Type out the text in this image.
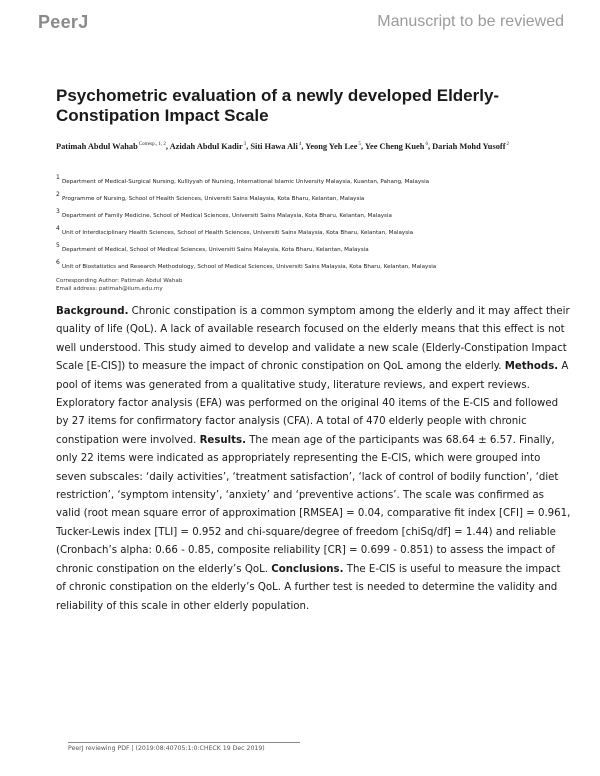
PeerJ	Manuscript to be reviewed
Psychometric evaluation of a newly developed Elderly-Constipation Impact Scale
Patimah Abdul Wahab$^{Corresp., 1, 2}$, Azidah Abdul Kadir$^3$, Siti Hawa Ali$^4$, Yeong Yeh Lee$^5$, Yee Cheng Kueh$^6$, Dariah Mohd Yusoff$^2$
1
Department of Medical-Surgical Nursing, Kulliyyah of Nursing, International Islamic University Malaysia, Kuantan, Pahang, Malaysia
2
Programme of Nursing, School of Health Sciences, Universiti Sains Malaysia, Kota Bharu, Kelantan, Malaysia
3
Department of Family Medicine, School of Medical Sciences, Universiti Sains Malaysia, Kota Bharu, Kelantan, Malaysia
4
Unit of Interdisciplinary Health Sciences, School of Health Sciences, Universiti Sains Malaysia, Kota Bharu, Kelantan, Malaysia
5
Department of Medical, School of Medical Sciences, Universiti Sains Malaysia, Kota Bharu, Kelantan, Malaysia
6
Unit of Biostatistics and Research Methodology, School of Medical Sciences, Universiti Sains Malaysia, Kota Bharu, Kelantan, Malaysia
Corresponding Author: Patimah Abdul Wahab
Email address: patimah@iium.edu.my
Background. Chronic constipation is a common symptom among the elderly and it may affect their quality of life (QoL). A lack of available research focused on the elderly means that this effect is not well understood. This study aimed to develop and validate a new scale (Elderly-Constipation Impact Scale [E-CIS]) to measure the impact of chronic constipation on QoL among the elderly. Methods. A pool of items was generated from a qualitative study, literature reviews, and expert reviews. Exploratory factor analysis (EFA) was performed on the original 40 items of the E-CIS and followed by 27 items for confirmatory factor analysis (CFA). A total of 470 elderly people with chronic constipation were involved. Results. The mean age of the participants was 68.64 ± 6.57. Finally, only 22 items were indicated as appropriately representing the E-CIS, which were grouped into seven subscales: ‘daily activities’, ‘treatment satisfaction’, ‘lack of control of bodily function’, ‘diet restriction’, ‘symptom intensity’, ‘anxiety’ and ‘preventive actions’. The scale was confirmed as valid (root mean square error of approximation [RMSEA] = 0.04, comparative fit index [CFI] = 0.961, Tucker-Lewis index [TLI] = 0.952 and chi-square/degree of freedom [chiSq/df] = 1.44) and reliable (Cronbach’s alpha: 0.66 - 0.85, composite reliability [CR] = 0.699 - 0.851) to assess the impact of chronic constipation on the elderly’s QoL. Conclusions. The E-CIS is useful to measure the impact of chronic constipation on the elderly’s QoL. A further test is needed to determine the validity and reliability of this scale in other elderly population.
PeerJ reviewing PDF | (2019:08:40705:1:0:CHECK 19 Dec 2019)
